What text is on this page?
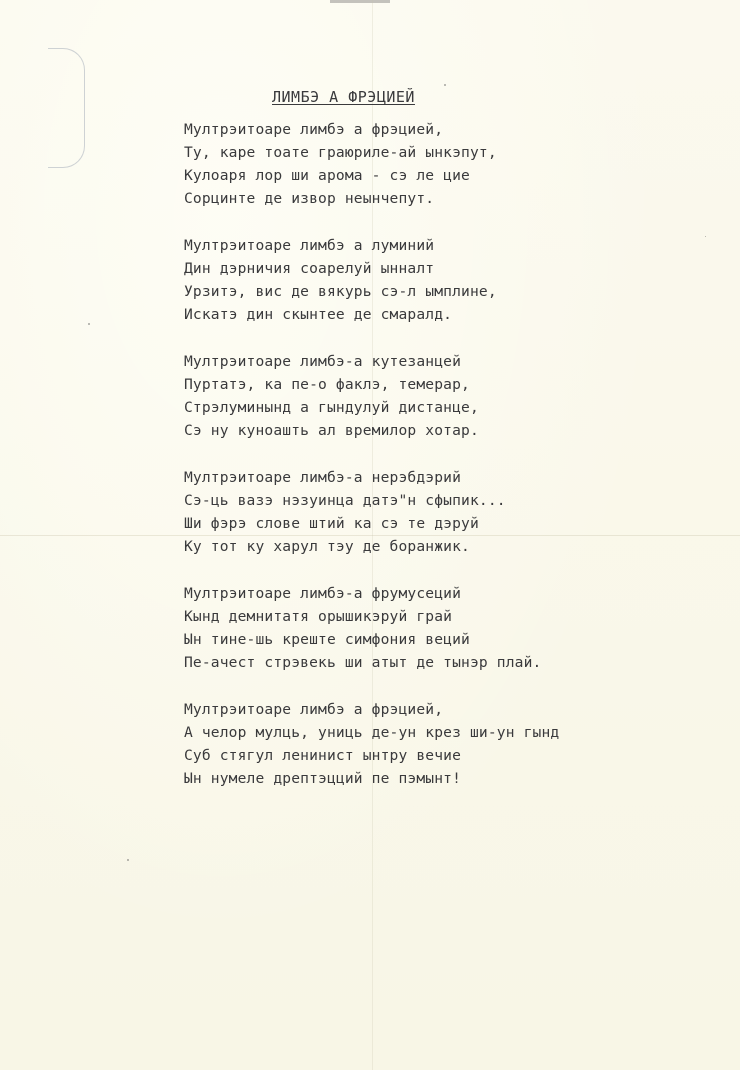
ЛИМБЭ А ФРЭЦИЕЙ
Мултрэитоаре лимбэ а фрэцией,
Ту, каре тоате граюриле-ай ынкэпут,
Кулоаря лор ши арома - сэ ле цие
Сорцинте де извор неынчепут.
Мултрэитоаре лимбэ а луминий
Дин дэрничия соарелуй ынналт
Урзитэ, вис де вякурь сэ-л ымплине,
Искатэ дин скынтеe де смаралд.
Мултрэитоаре лимбэ-а кутезанцей
Пуртатэ, ка пе-о факлэ, темерар,
Стрэлуминынд а гындулуй дистанце,
Сэ ну куноашть ал времилор хотар.
Мултрэитоаре лимбэ-а нерэбдэрий
Сэ-ць вазэ нэзуинца датэ"н сфыпик...
Ши фэрэ слове штий ка сэ те дэруй
Ку тот ку харул тэу де боранжик.
Мултрэитоаре лимбэ-а фрумусеций
Кынд демнитатя орышикэруй грай
Ын тине-шь креште симфония веций
Пе-ачест стрэвекь ши атыт де тынэр плай.
Мултрэитоаре лимбэ а фрэцией,
А челор мулць, униць де-ун крез ши-ун гынд
Суб стягул ленинист ынтру вечие
Ын нумеле дрептэцций пе пэмынт!
